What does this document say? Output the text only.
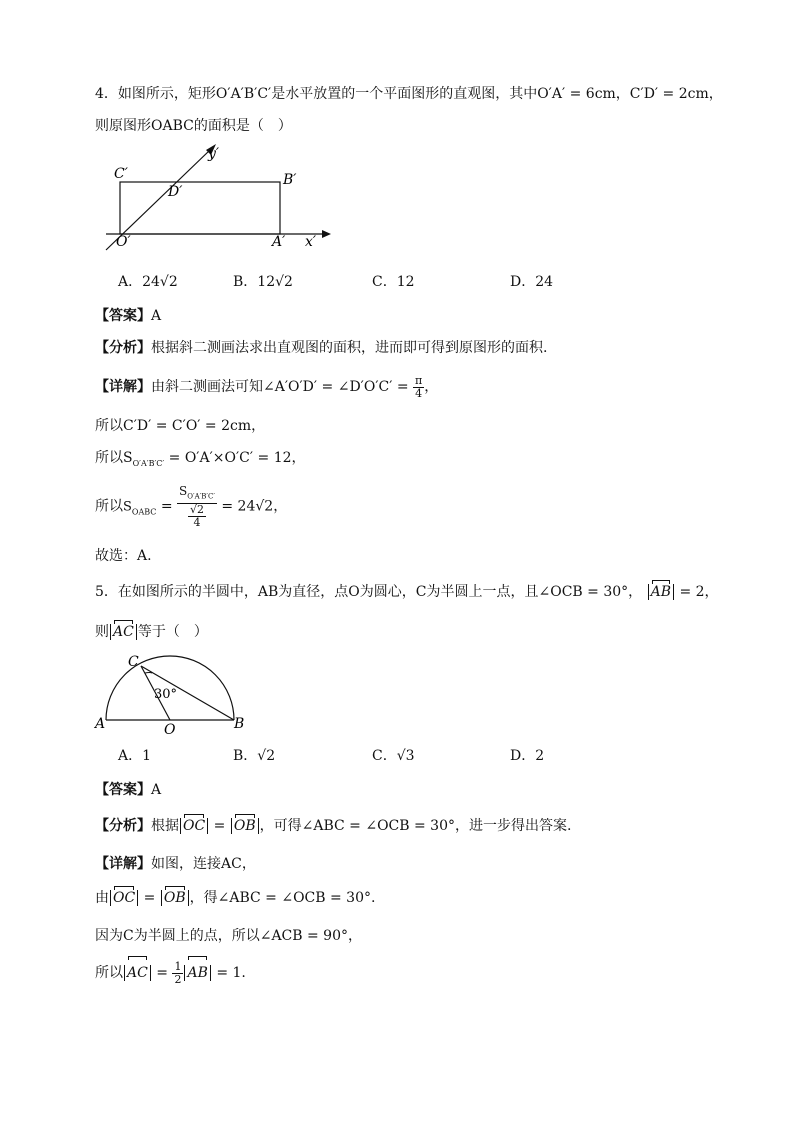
4．如图所示，矩形O′A′B′C′是水平放置的一个平面图形的直观图，其中O′A′ = 6cm，C′D′ = 2cm，
则原图形OABC的面积是（　）
C′	B′
D′
O′	A′ x′
y′
A．24√2	B．12√2	C．12	D．24
【答案】A
【分析】根据斜二测画法求出直观图的面积，进而即可得到原图形的面积.
【详解】由斜二测画法可知∠A′O′D′ = ∠D′O′C′ = $\frac{\pi}{4}$ ，
所以C′D′ = C′O′ = 2cm，
所以$S_{O'A'B'C'} = O'A'\times O'C' = 12$，
所以$S_{OABC} = \frac{S_{O'A'B'C'}}{\frac{√2}{4}} = 24√2$，
故选：A.
5．在如图所示的半圆中，AB为直径，点O为圆心，C为半圆上一点，且∠OCB = 30°， AB = 2，
则 AC 等于（　）
C
A	B
O
30°
A．1	B．√2	C．√3	D．2
【答案】A
【分析】根据 OC = OB ，可得∠ABC = ∠OCB = 30°，进一步得出答案.
【详解】如图，连接AC，
由 OC = OB ，得∠ABC = ∠OCB = 30°.
因为C为半圆上的点，所以∠ACB = 90°，
所以 AC = $\frac{1}{2}$ AB = 1.
